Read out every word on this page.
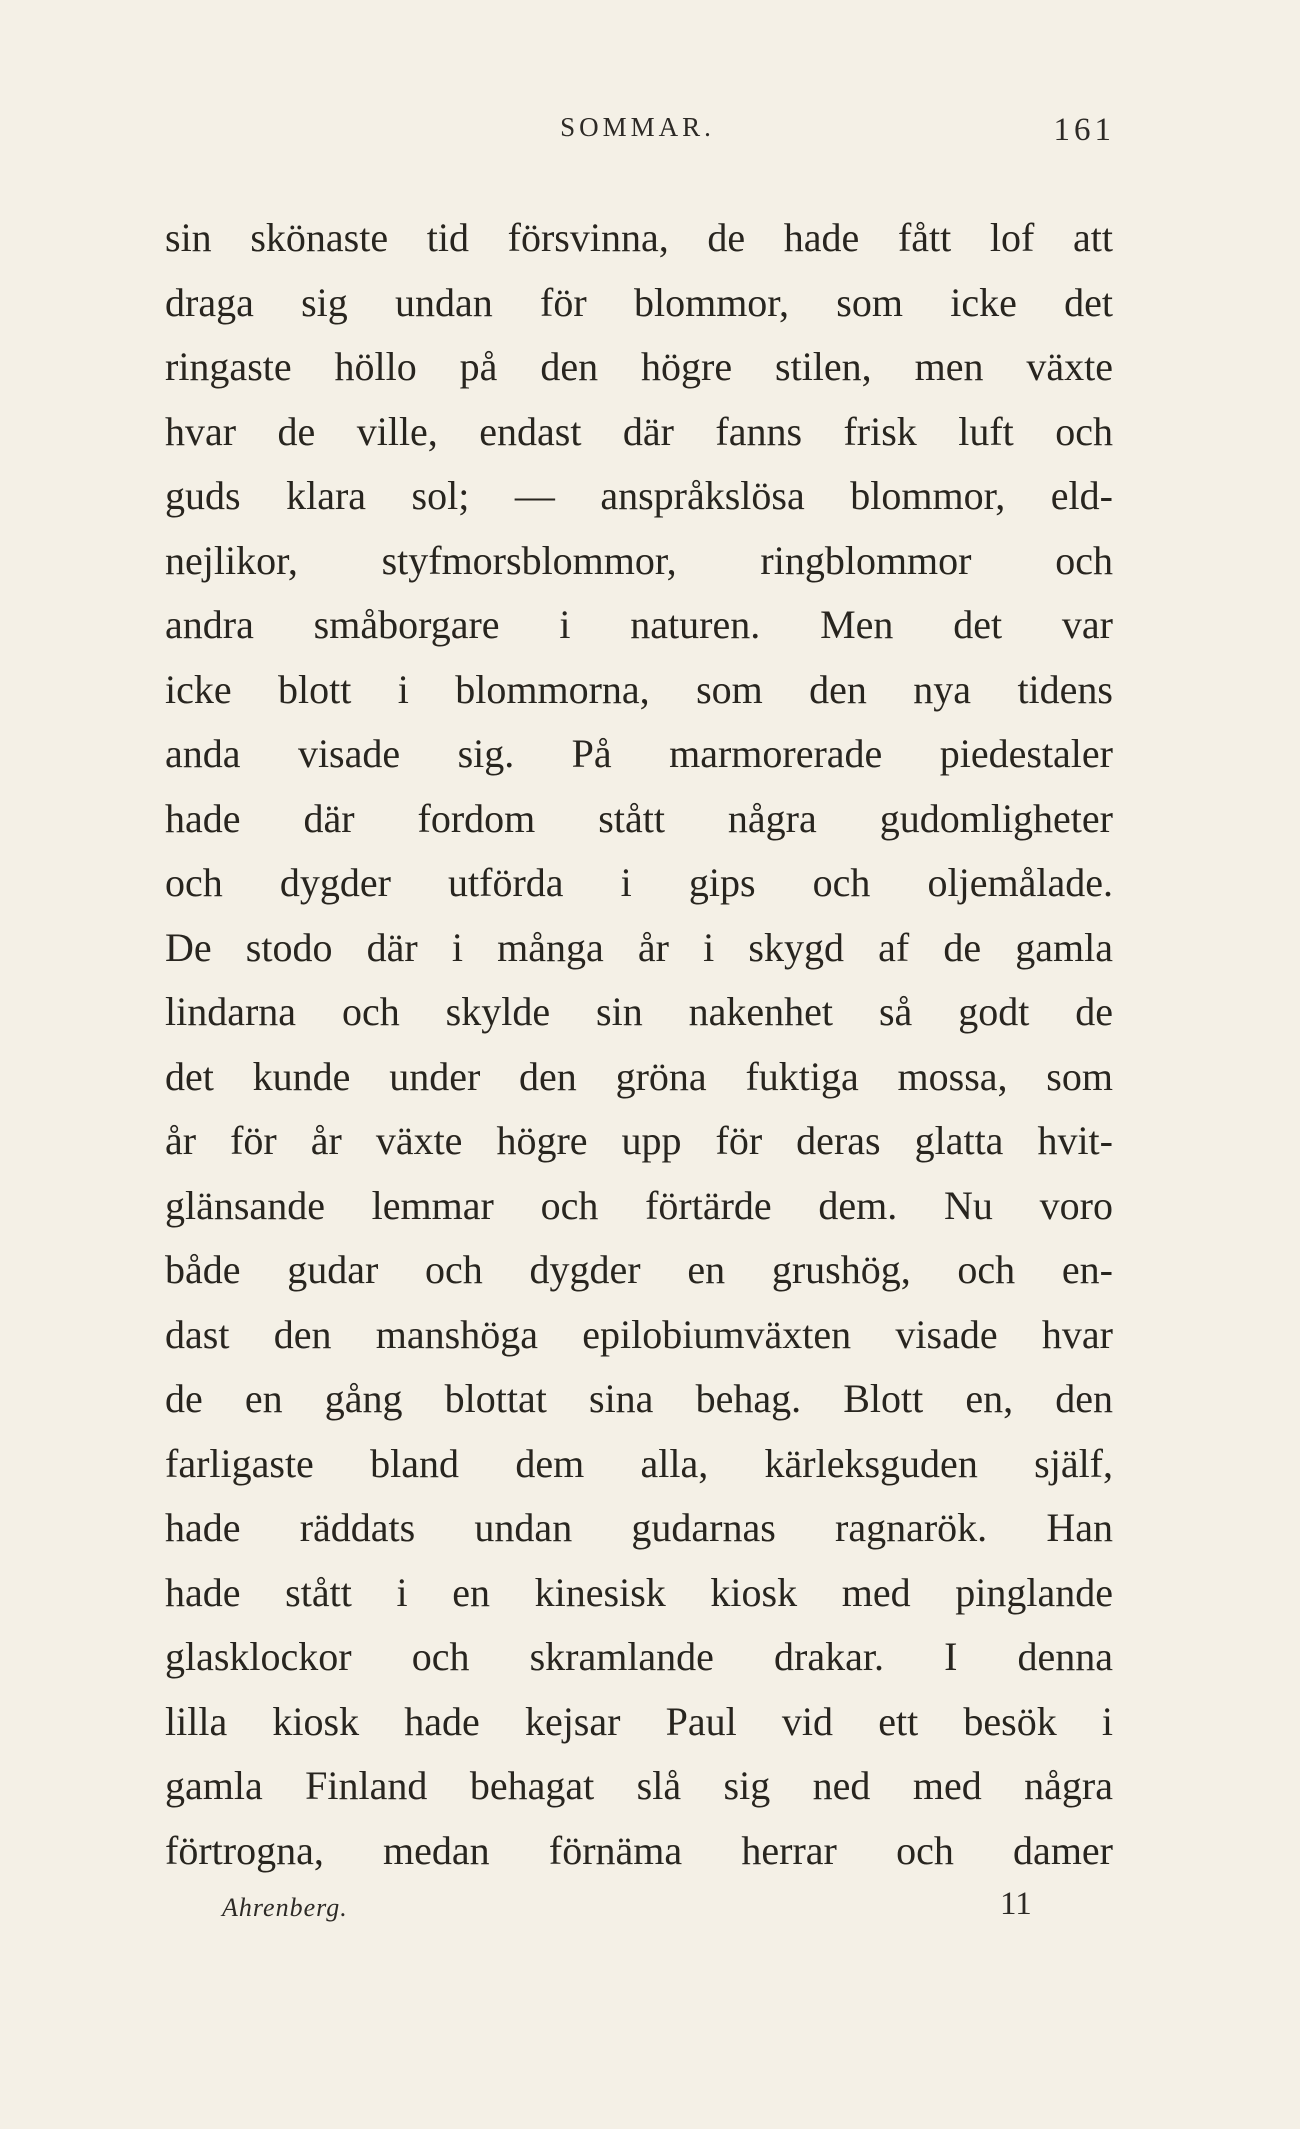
SOMMAR.	161
sin skönaste tid försvinna, de hade fått lof att
draga sig undan för blommor, som icke det
ringaste höllo på den högre stilen, men växte
hvar de ville, endast där fanns frisk luft och
guds klara sol; — anspråkslösa blommor, eld-
nejlikor, styfmorsblommor, ringblommor och
andra småborgare i naturen. Men det var
icke blott i blommorna, som den nya tidens
anda visade sig. På marmorerade piedestaler
hade där fordom stått några gudomligheter
och dygder utförda i gips och oljemålade.
De stodo där i många år i skygd af de gamla
lindarna och skylde sin nakenhet så godt de
det kunde under den gröna fuktiga mossa, som
år för år växte högre upp för deras glatta hvit-
glänsande lemmar och förtärde dem. Nu voro
både gudar och dygder en grushög, och en-
dast den manshöga epilobiumväxten visade hvar
de en gång blottat sina behag. Blott en, den
farligaste bland dem alla, kärleksguden själf,
hade räddats undan gudarnas ragnarök. Han
hade stått i en kinesisk kiosk med pinglande
glasklockor och skramlande drakar. I denna
lilla kiosk hade kejsar Paul vid ett besök i
gamla Finland behagat slå sig ned med några
förtrogna, medan förnäma herrar och damer
Ahrenberg.	11
